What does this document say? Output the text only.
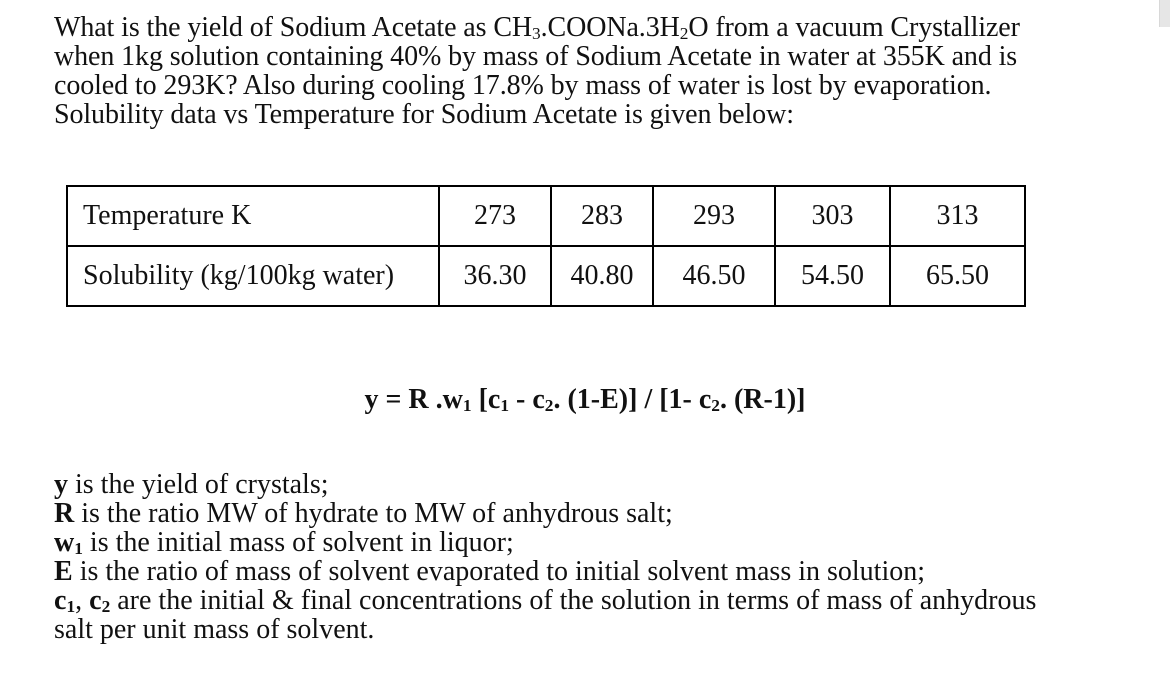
What is the yield of Sodium Acetate as $CH_3.COONa.3H_2O$ from a vacuum Crystallizer
when 1kg solution containing 40% by mass of Sodium Acetate in water at 355K and is
cooled to 293K? Also during cooling 17.8% by mass of water is lost by evaporation.
Solubility data vs Temperature for Sodium Acetate is given below:
Temperature K	273	283	293	303	313
Solubility (kg/100kg water)	36.30	40.80	46.50	54.50	65.50
y = R $.w_1$ [$c_1 - c_2$. (1-E)] / [1- $c_2$. (R-1)]
y is the yield of crystals;
R is the ratio MW of hydrate to MW of anhydrous salt;
$w_1$ is the initial mass of solvent in liquor;
E is the ratio of mass of solvent evaporated to initial solvent mass in solution;
$c_1$, $c_2$ are the initial & final concentrations of the solution in terms of mass of anhydrous
salt per unit mass of solvent.
